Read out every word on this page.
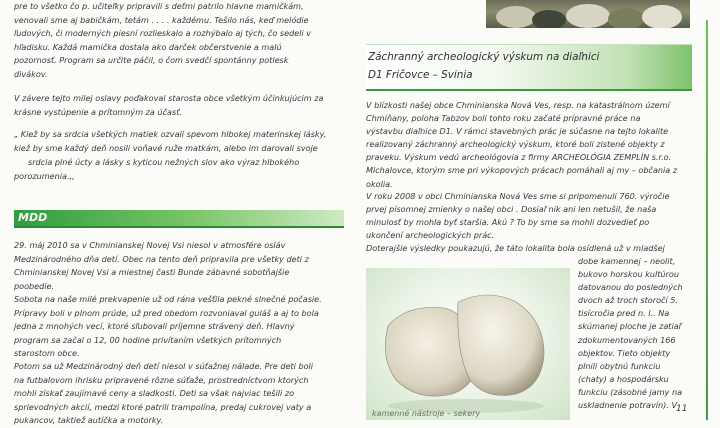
pre to všetko čo p. učiteľky pripravili s deťmi patrilo hlavne mamičkám,
venovali sme aj babičkám, tetám . . . . každému. Tešilo nás, keď melódie
ľudových, či moderných piesní rozlieskalo a rozhýbalo aj tých, čo sedeli v
hľadisku. Každá mamička dostala ako darček občerstvenie a malú
pozornosť. Program sa určite páčil, o čom svedčí spontánny potlesk
divákov.

V závere tejto milej oslavy poďakoval starosta obce všetkým účinkujúcim za
krásne vystúpenie a prítomným za účasť.

„ Kiež by sa srdcia všetkých matiek ozvali spevom hlbokej materinskej lásky,
kiež by sme každý deň nosili voňavé ruže matkám, alebo im darovali svoje
srdcia plné úcty a lásky s kyticou nežných slov ako výraz hlbokého
porozumenia.,,

MDD

29. máj 2010 sa v Chminianskej Novej Vsi niesol v atmosfére osláv
Medzinárodného dňa detí. Obec na tento deň pripravila pre všetky deti z
Chminianskej Novej Vsi a miestnej časti Bunde zábavné sobotňajšie
poobedie.

Sobota na naše milé prekvapenie už od rána vešťila pekné slnečné počasie.
Prípravy boli v plnom prúde, už pred obedom rozvoniaval guláš a aj to bola
jedna z mnohých vecí, ktoré sľubovali príjemne strávený deň. Hlavný
program sa začal o 12, 00 hodine privítaním všetkých prítomných
starostom obce.

Potom sa už Medzinárodný deň detí niesol v súťažnej nálade. Pre deti boli
na futbalovom ihrisku pripravené rôzne súťaže, prostredníctvom ktorých
mohli získať zaujímavé ceny a sladkosti. Deti sa však najviac tešili zo
sprievodných akcií, medzi ktoré patrili trampolína, predaj cukrovej vaty a
pukancov, taktiež autíčka a motorky.

Záchranný archeologický výskum na diaľnici
D1 Fričovce – Svinia

V blízkosti našej obce Chminianska Nová Ves, resp. na katastrálnom území
Chmiňany, poloha Tabzov boli tohto roku začaté prípravné práce na
výstavbu diaľnice D1. V rámci stavebných prác je súčasne na tejto lokalite
realizovaný záchranný archeologický výskum, ktoré boli zistené objekty z
praveku. Výskum vedú archeológovia z firmy ARCHEOLÓGIA ZEMPLÍN s.r.o.
Michalovce, ktorým sme pri výkopových prácach pomáhali aj my – občania z
okolia.

V roku 2008 v obci Chminianska Nová Ves sme si pripomenuli 760. výročie
prvej písomnej zmienky o našej obci . Dosiaľ nik ani len netušil, že naša
minulosť by mohla byť staršia. Akú ? To by sme sa mohli dozvedieť po
ukončení archeologických prác.
Doterajšie výsledky poukazujú, že táto lokalita bola osídlená už v mladšej

dobe kamennej – neolit,
bukovo horskou kultúrou
datovanou do posledných
dvoch až troch storočí 5.
tisícročia pred n. l.. Na
skúmanej ploche je zatiaľ
zdokumentovaných 166
objektov. Tieto objekty
plnili obytnú funkciu
(chaty) a hospodársku
funkciu (zásobné jamy na
uskladnenie potravín). V

kamenné nástroje – sekery	11
